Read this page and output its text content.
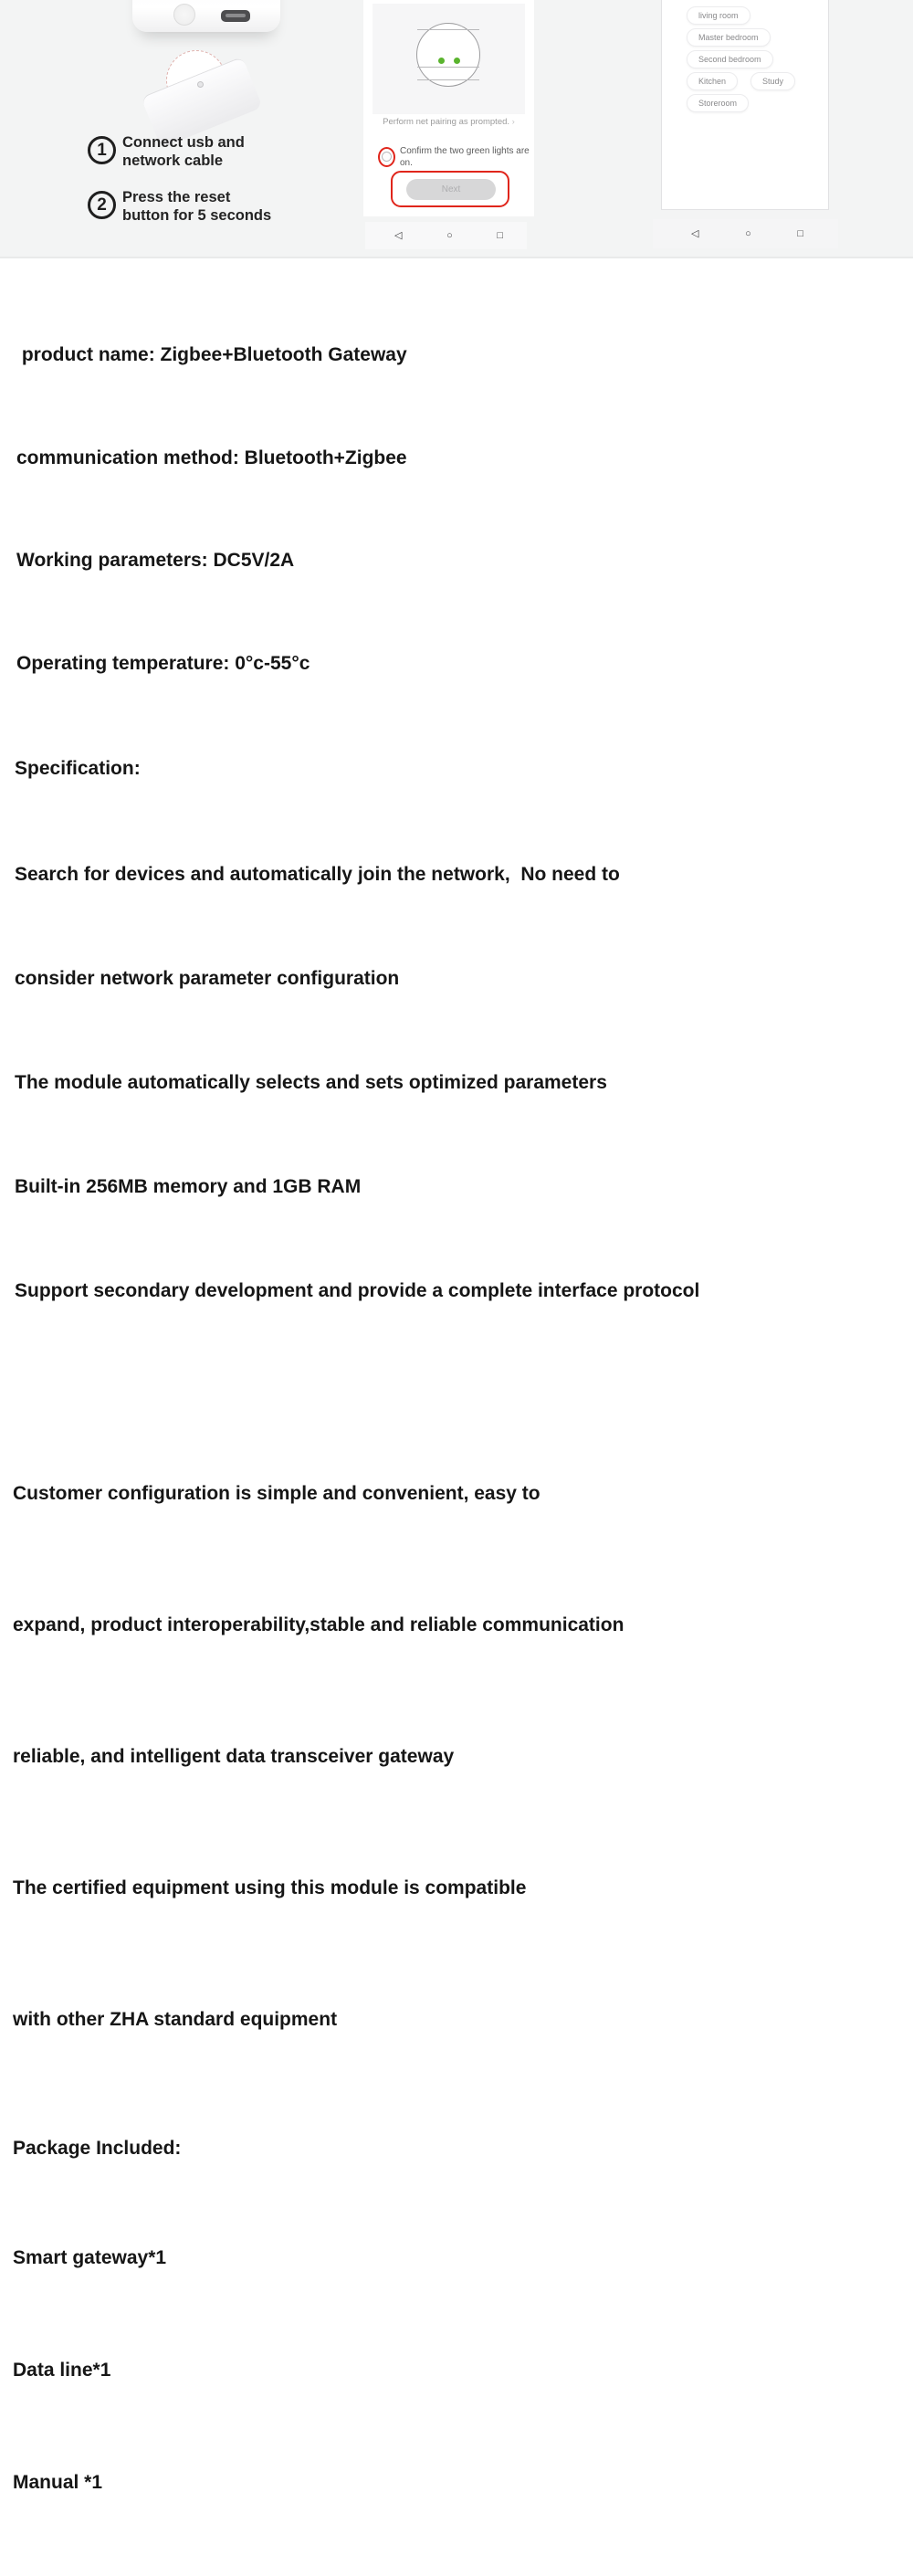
1	Connect usb and
network cable
2	Press the reset
button for 5 seconds
Perform net pairing as prompted. ›
Confirm the two green lights are on.
Next
◁	○	□
living room
Master bedroom
Second bedroom
Kitchen	Study
Storeroom
◁	○	□

product name: Zigbee+Bluetooth Gateway

communication method: Bluetooth+Zigbee

Working parameters: DC5V/2A

Operating temperature: 0°c-55°c

Specification:

Search for devices and automatically join the network,  No need to

consider network parameter configuration

The module automatically selects and sets optimized parameters

Built-in 256MB memory and 1GB RAM

Support secondary development and provide a complete interface protocol

Customer configuration is simple and convenient, easy to

expand, product interoperability,stable and reliable communication

reliable, and intelligent data transceiver gateway

The certified equipment using this module is compatible

with other ZHA standard equipment

Package Included:

Smart gateway*1

Data line*1

Manual *1
